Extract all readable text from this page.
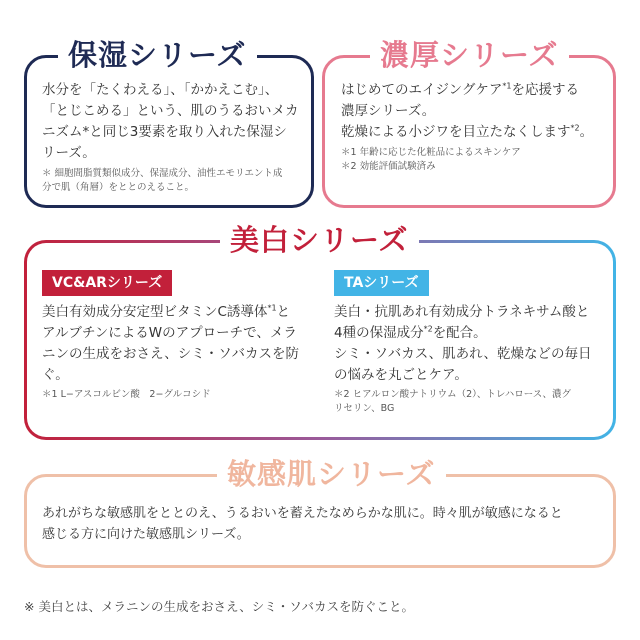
保湿シリーズ
水分を「たくわえる」、「かかえこむ」、
「とじこめる」という、肌のうるおいメカ
ニズム*と同じ3要素を取り入れた保湿シ
リーズ。
＊ 細胞間脂質類似成分、保湿成分、油性エモリエント成
分で肌（角層）をととのえること。
濃厚シリーズ
はじめてのエイジングケア$^{*1}$を応援する
濃厚シリーズ。
乾燥による小ジワを目立たなくします$^{*2}$。
＊1 年齢に応じた化粧品によるスキンケア
＊2 効能評価試験済み
美白シリーズ
VC&ARシリーズ
美白有効成分安定型ビタミンC誘導体$^{*1}$と
アルブチンによるWのアプローチで、メラ
ニンの生成をおさえ、シミ・ソバカスを防
ぐ。
＊1 L−アスコルビン酸　2−グルコシド
TAシリーズ
美白・抗肌あれ有効成分トラネキサム酸と
4種の保湿成分$^{*2}$を配合。
シミ・ソバカス、肌あれ、乾燥などの毎日
の悩みを丸ごとケア。
＊2 ヒアルロン酸ナトリウム（2）、トレハロース、濃グ
リセリン、BG
敏感肌シリーズ
あれがちな敏感肌をととのえ、うるおいを蓄えたなめらかな肌に。時々肌が敏感になると
感じる方に向けた敏感肌シリーズ。
※ 美白とは、メラニンの生成をおさえ、シミ・ソバカスを防ぐこと。
